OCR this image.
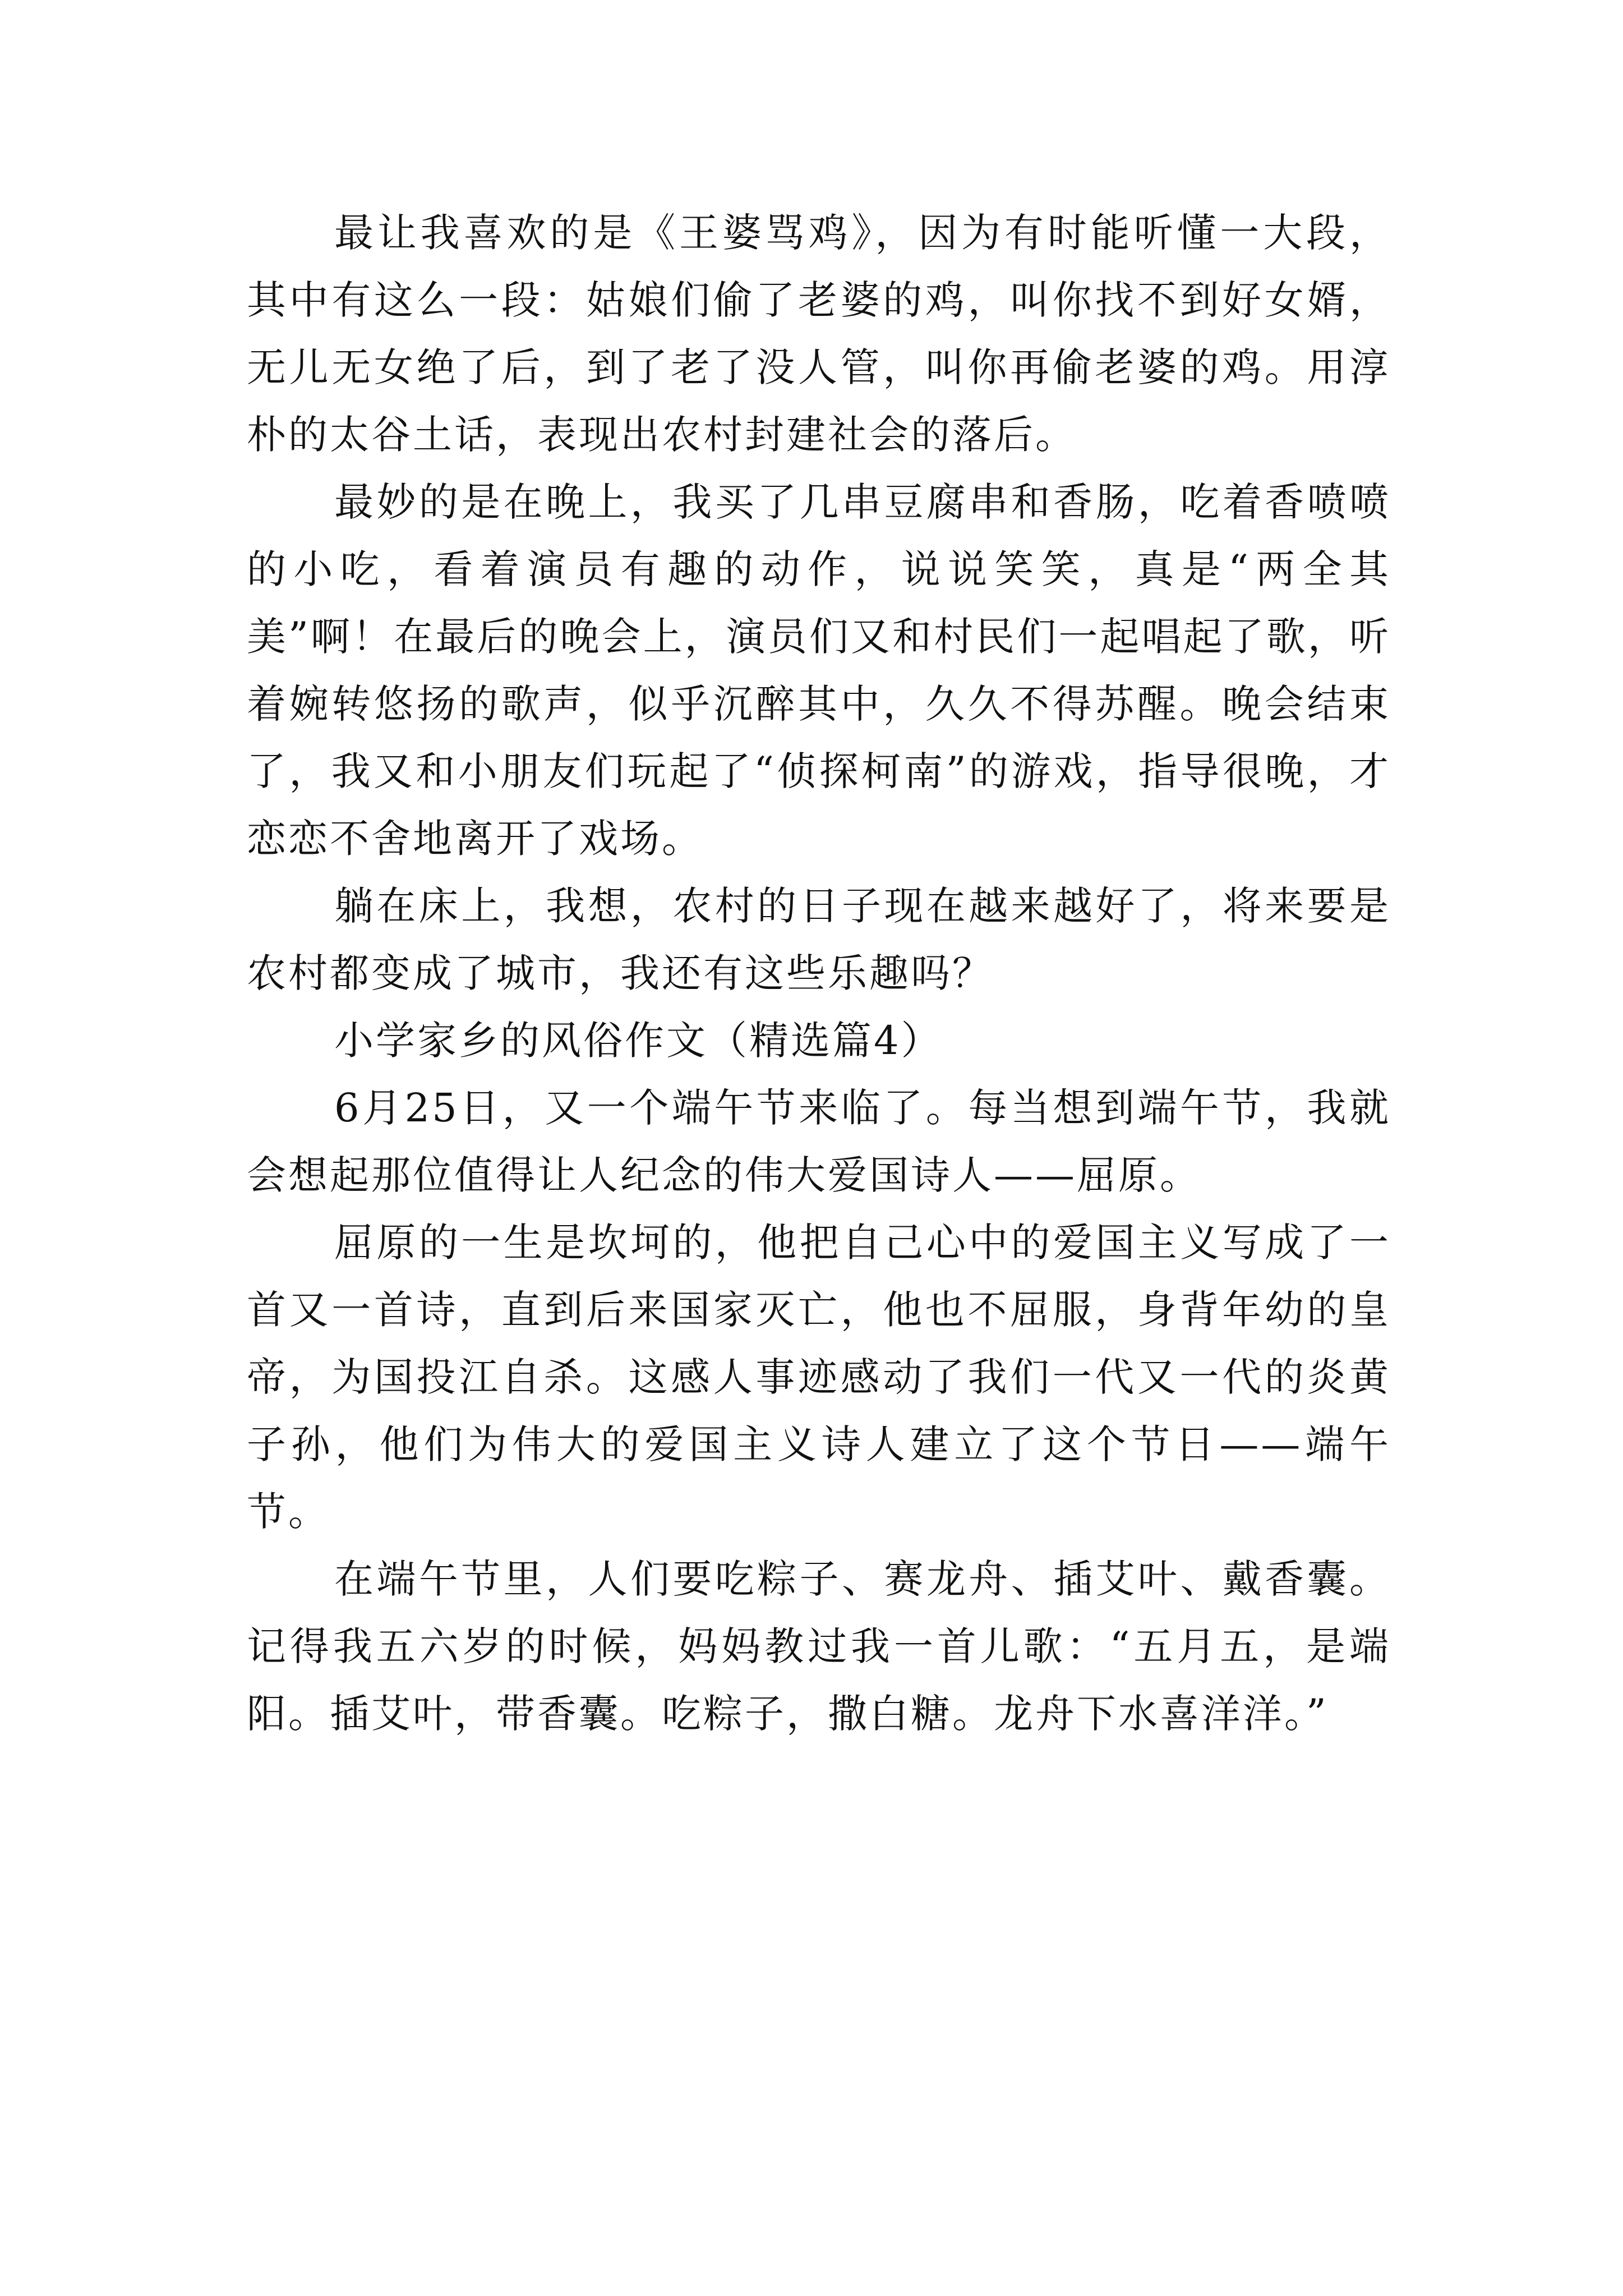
最让我喜欢的是《王婆骂鸡》，因为有时能听懂一大段，其中有这么一段：姑娘们偷了老婆的鸡，叫你找不到好女婿，无儿无女绝了后，到了老了没人管，叫你再偷老婆的鸡。用淳朴的太谷土话，表现出农村封建社会的落后。

最妙的是在晚上，我买了几串豆腐串和香肠，吃着香喷喷的小吃，看着演员有趣的动作，说说笑笑，真是“两全其美”啊！在最后的晚会上，演员们又和村民们一起唱起了歌，听着婉转悠扬的歌声，似乎沉醉其中，久久不得苏醒。晚会结束了，我又和小朋友们玩起了“侦探柯南”的游戏，指导很晚，才恋恋不舍地离开了戏场。

躺在床上，我想，农村的日子现在越来越好了，将来要是农村都变成了城市，我还有这些乐趣吗？

小学家乡的风俗作文（精选篇4）

6月25日，又一个端午节来临了。每当想到端午节，我就会想起那位值得让人纪念的伟大爱国诗人——屈原。

屈原的一生是坎坷的，他把自己心中的爱国主义写成了一首又一首诗，直到后来国家灭亡，他也不屈服，身背年幼的皇帝，为国投江自杀。这感人事迹感动了我们一代又一代的炎黄子孙，他们为伟大的爱国主义诗人建立了这个节日——端午节。

在端午节里，人们要吃粽子、赛龙舟、插艾叶、戴香囊。记得我五六岁的时候，妈妈教过我一首儿歌：“五月五，是端阳。插艾叶，带香囊。吃粽子，撒白糖。龙舟下水喜洋洋。”
